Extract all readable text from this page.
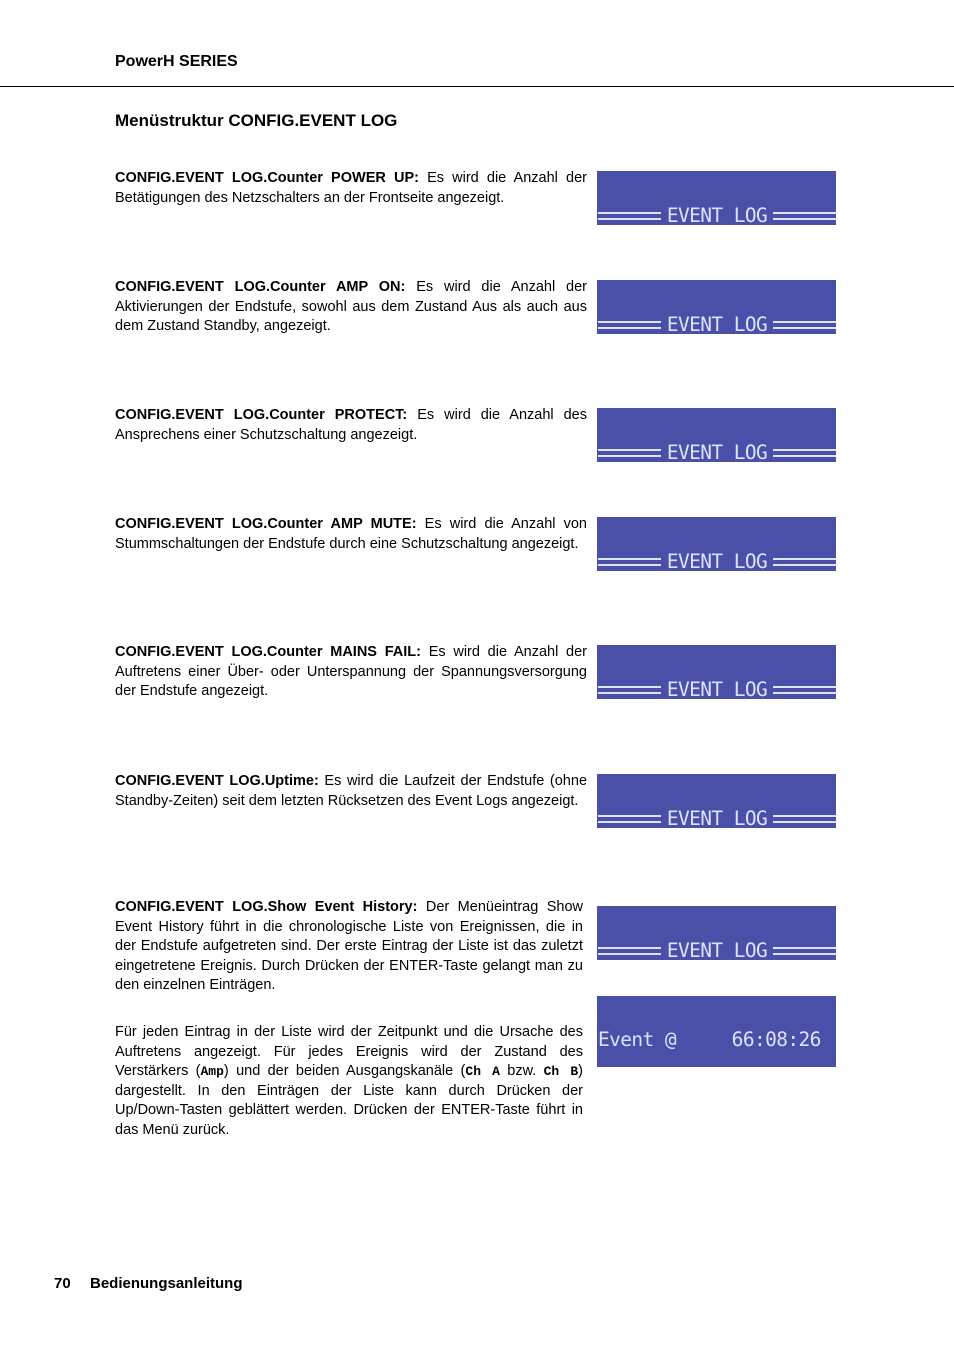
PowerH SERIES
Menüstruktur CONFIG.EVENT LOG
CONFIG.EVENT LOG.Counter POWER UP: Es wird die Anzahl der Betätigungen des Netzschalters an der Frontseite angezeigt.

EVENT LOG

CONFIG.EVENT LOG.Counter AMP ON: Es wird die Anzahl der Aktivierungen der Endstufe, sowohl aus dem Zustand Aus als auch aus dem Zustand Standby, angezeigt.

	EVENT LOG

CONFIG.EVENT LOG.Counter PROTECT: Es wird die Anzahl des Ansprechens einer Schutzschaltung angezeigt.

EVENT LOG

CONFIG.EVENT LOG.Counter AMP MUTE: Es wird die Anzahl von Stummschaltungen der Endstufe durch eine Schutzschaltung angezeigt.

EVENT LOG

CONFIG.EVENT LOG.Counter MAINS FAIL: Es wird die Anzahl der Auftretens einer Über- oder Unterspannung der Spannungsversorgung der Endstufe angezeigt.

	EVENT LOG

CONFIG.EVENT LOG.Uptime: Es wird die Laufzeit der Endstufe (ohne Standby-Zeiten) seit dem letzten Rücksetzen des Event Logs angezeigt.

EVENT LOG

CONFIG.EVENT LOG.Show Event History: Der Menüeintrag Show Event History führt in die chronologische Liste von Ereignissen, die in der Endstufe aufgetreten sind. Der erste Eintrag der Liste ist das zuletzt eingetretene Ereignis. Durch Drücken der ENTER-Taste gelangt man zu den einzelnen Einträgen.
Für jeden Eintrag in der Liste wird der Zeitpunkt und die Ursache des Auftretens angezeigt. Für jedes Ereignis wird der Zustand des Verstärkers (Amp) und der beiden Ausgangskanäle (Ch A bzw. Ch B) dargestellt. In den Einträgen der Liste kann durch Drücken der Up/Down-Tasten geblättert werden. Drücken der ENTER-Taste führt in das Menü zurück.

EVENT LOG

Event @     66:08:26

70 Bedienungsanleitung
